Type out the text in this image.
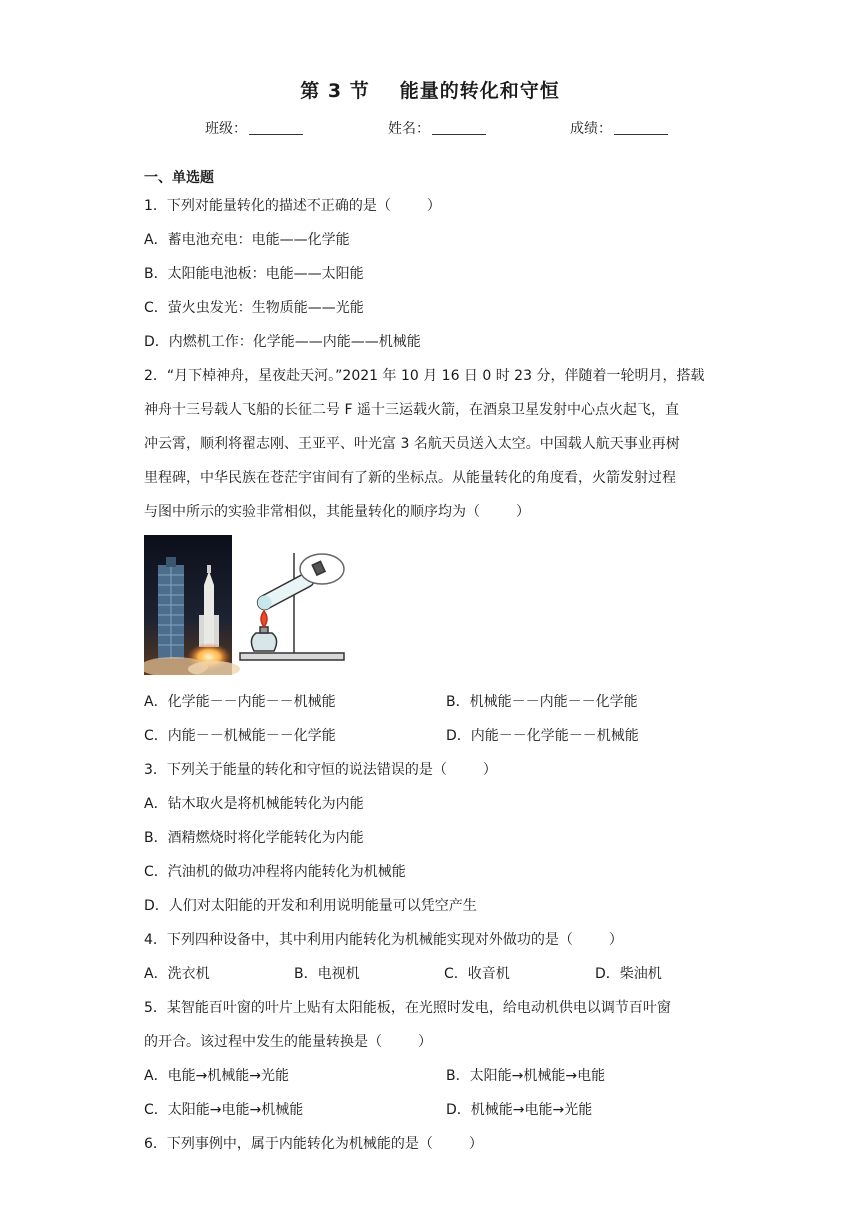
第 3 节 能量的转化和守恒
班级：	姓名：	成绩：
一、单选题
1．下列对能量转化的描述不正确的是（	）
A．蓄电池充电：电能——化学能
B．太阳能电池板：电能——太阳能
C．萤火虫发光：生物质能——光能
D．内燃机工作：化学能——内能——机械能
2．“月下棹神舟，星夜赴天河。”2021 年 10 月 16 日 0 时 23 分，伴随着一轮明月，搭载
神舟十三号载人飞船的长征二号 F 遥十三运载火箭，在酒泉卫星发射中心点火起飞，直
冲云霄，顺利将翟志刚、王亚平、叶光富 3 名航天员送入太空。中国载人航天事业再树
里程碑，中华民族在苍茫宇宙间有了新的坐标点。从能量转化的角度看，火箭发射过程
与图中所示的实验非常相似，其能量转化的顺序均为（	）
A．化学能－－内能－－机械能	B．机械能－－内能－－化学能
C．内能－－机械能－－化学能	D．内能－－化学能－－机械能
3．下列关于能量的转化和守恒的说法错误的是（	）
A．钻木取火是将机械能转化为内能
B．酒精燃烧时将化学能转化为内能
C．汽油机的做功冲程将内能转化为机械能
D．人们对太阳能的开发和利用说明能量可以凭空产生
4．下列四种设备中，其中利用内能转化为机械能实现对外做功的是（	）
A．洗衣机	B．电视机	C．收音机	D．柴油机
5．某智能百叶窗的叶片上贴有太阳能板，在光照时发电，给电动机供电以调节百叶窗
的开合。该过程中发生的能量转换是（	）
A．电能→机械能→光能	B．太阳能→机械能→电能
C．太阳能→电能→机械能	D．机械能→电能→光能
6．下列事例中，属于内能转化为机械能的是（	）
